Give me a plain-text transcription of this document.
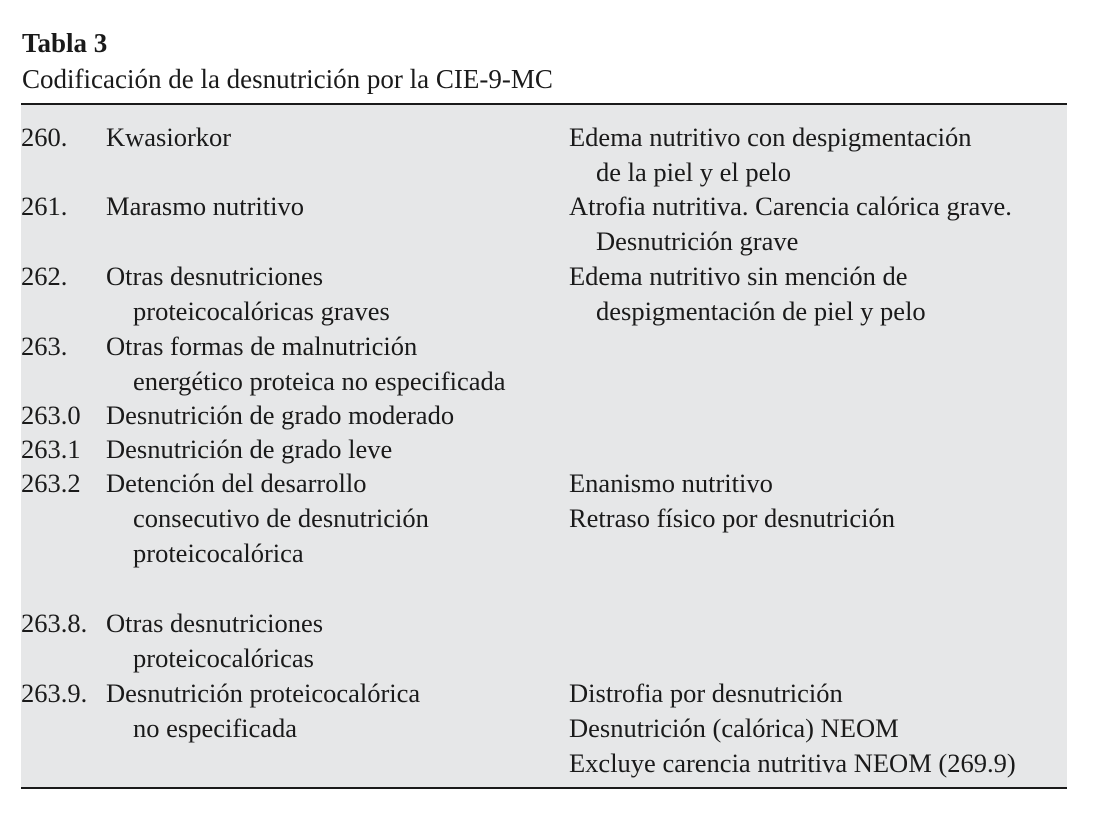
Tabla 3
Codificación de la desnutrición por la CIE-9-MC
260. Kwasiorkor	Edema nutritivo con despigmentación
de la piel y el pelo
261. Marasmo nutritivo	Atrofia nutritiva. Carencia calórica grave.
Desnutrición grave
262. Otras desnutriciones
proteicocalóricas graves
Edema nutritivo sin mención de
despigmentación de piel y pelo
263. Otras formas de malnutrición
energético proteica no especificada
263.0 Desnutrición de grado moderado
263.1 Desnutrición de grado leve
263.2 Detención del desarrollo
consecutivo de desnutrición
proteicocalórica
Enanismo nutritivo
Retraso físico por desnutrición
263.8. Otras desnutriciones
proteicocalóricas
263.9. Desnutrición proteicocalórica
no especificada
Distrofia por desnutrición
Desnutrición (calórica) NEOM
Excluye carencia nutritiva NEOM (269.9)
